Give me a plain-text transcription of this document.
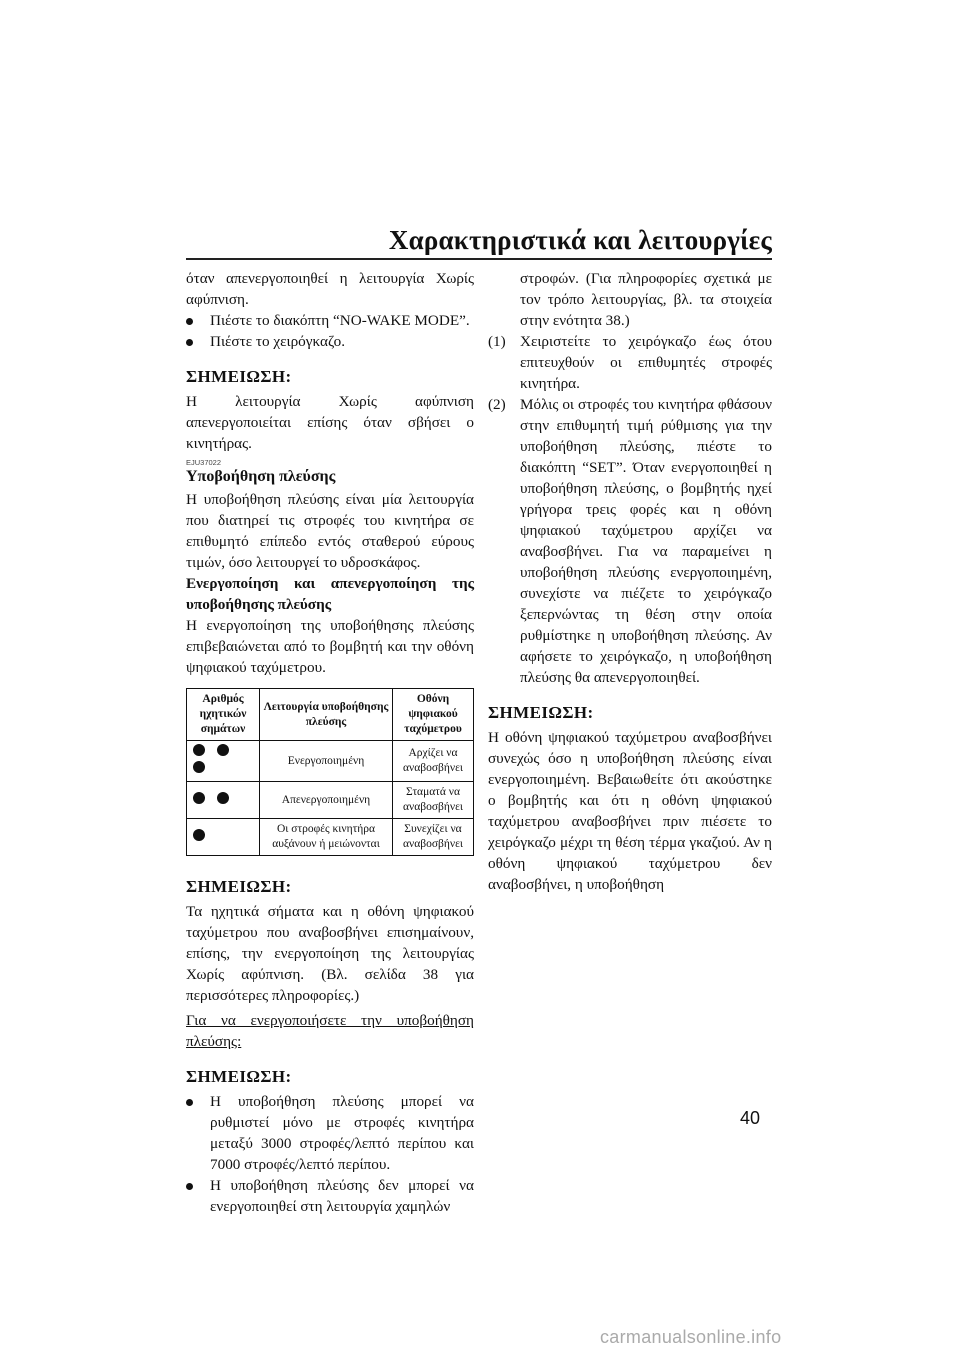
Χαρακτηριστικά και λειτουργίες

όταν απενεργοποιηθεί η λειτουργία Χωρίς αφύπνιση.

Πιέστε το διακόπτη “NO-WAKE MODE”.
Πιέστε το χειρόγκαζο.
ΣΗΜΕΙΩΣΗ:

Η λειτουργία Χωρίς αφύπνιση απενεργοποιείται επίσης όταν σβήσει ο κινητήρας.

EJU37022
Υποβοήθηση πλεύσης

Η υποβοήθηση πλεύσης είναι μία λειτουργία που διατηρεί τις στροφές του κινητήρα σε επιθυμητό επίπεδο εντός σταθερού εύρους τιμών, όσο λειτουργεί το υδροσκάφος.

Ενεργοποίηση και απενεργοποίηση της υποβοήθησης πλεύσης

Η ενεργοποίηση της υποβοήθησης πλεύσης επιβεβαιώνεται από το βομβητή και την οθόνη ψηφιακού ταχύμετρου.

Αριθμός ηχητικών σημάτων	Λειτουργία υποβοήθησης πλεύσης	Οθόνη ψηφιακού ταχύμετρου
	Ενεργοποιημένη	Αρχίζει να αναβοσβήνει
	Απενεργοποιημένη	Σταματά να αναβοσβήνει
	Οι στροφές κινητήρα αυξάνουν ή μειώνονται	Συνεχίζει να αναβοσβήνει
ΣΗΜΕΙΩΣΗ:

Τα ηχητικά σήματα και η οθόνη ψηφιακού ταχύμετρου που αναβοσβήνει επισημαίνουν, επίσης, την ενεργοποίηση της λειτουργίας Χωρίς αφύπνιση. (Βλ. σελίδα 38 για περισσότερες πληροφορίες.)

Για να ενεργοποιήσετε την υποβοήθηση πλεύσης:

ΣΗΜΕΙΩΣΗ:
Η υποβοήθηση πλεύσης μπορεί να ρυθμιστεί μόνο με στροφές κινητήρα μεταξύ 3000 στροφές/λεπτό περίπου και 7000 στροφές/λεπτό περίπου.
Η υποβοήθηση πλεύσης δεν μπορεί να ενεργοποιηθεί στη λειτουργία χαμηλών

στροφών. (Για πληροφορίες σχετικά με τον τρόπο λειτουργίας, βλ. τα στοιχεία στην ενότητα 38.)

(1) Χειριστείτε το χειρόγκαζο έως ότου επιτευχθούν οι επιθυμητές στροφές κινητήρα.
(2) Μόλις οι στροφές του κινητήρα φθάσουν στην επιθυμητή τιμή ρύθμισης για την υποβοήθηση πλεύσης, πιέστε το διακόπτη “SET”. Όταν ενεργοποιηθεί η υποβοήθηση πλεύσης, ο βομβητής ηχεί γρήγορα τρεις φορές και η οθόνη ψηφιακού ταχύμετρου αρχίζει να αναβοσβήνει. Για να παραμείνει η υποβοήθηση πλεύσης ενεργοποιημένη, συνεχίστε να πιέζετε το χειρόγκαζο ξεπερνώντας τη θέση στην οποία ρυθμίστηκε η υποβοήθηση πλεύσης. Αν αφήσετε το χειρόγκαζο, η υποβοήθηση πλεύσης θα απενεργοποιηθεί.
ΣΗΜΕΙΩΣΗ:

Η οθόνη ψηφιακού ταχύμετρου αναβοσβήνει συνεχώς όσο η υποβοήθηση πλεύσης είναι ενεργοποιημένη. Βεβαιωθείτε ότι ακούστηκε ο βομβητής και ότι η οθόνη ψηφιακού ταχύμετρου αναβοσβήνει πριν πιέσετε το χειρόγκαζο μέχρι τη θέση τέρμα γκαζιού. Αν η οθόνη ψηφιακού ταχύμετρου δεν αναβοσβήνει, η υποβοήθηση

40
carmanualsonline.info
